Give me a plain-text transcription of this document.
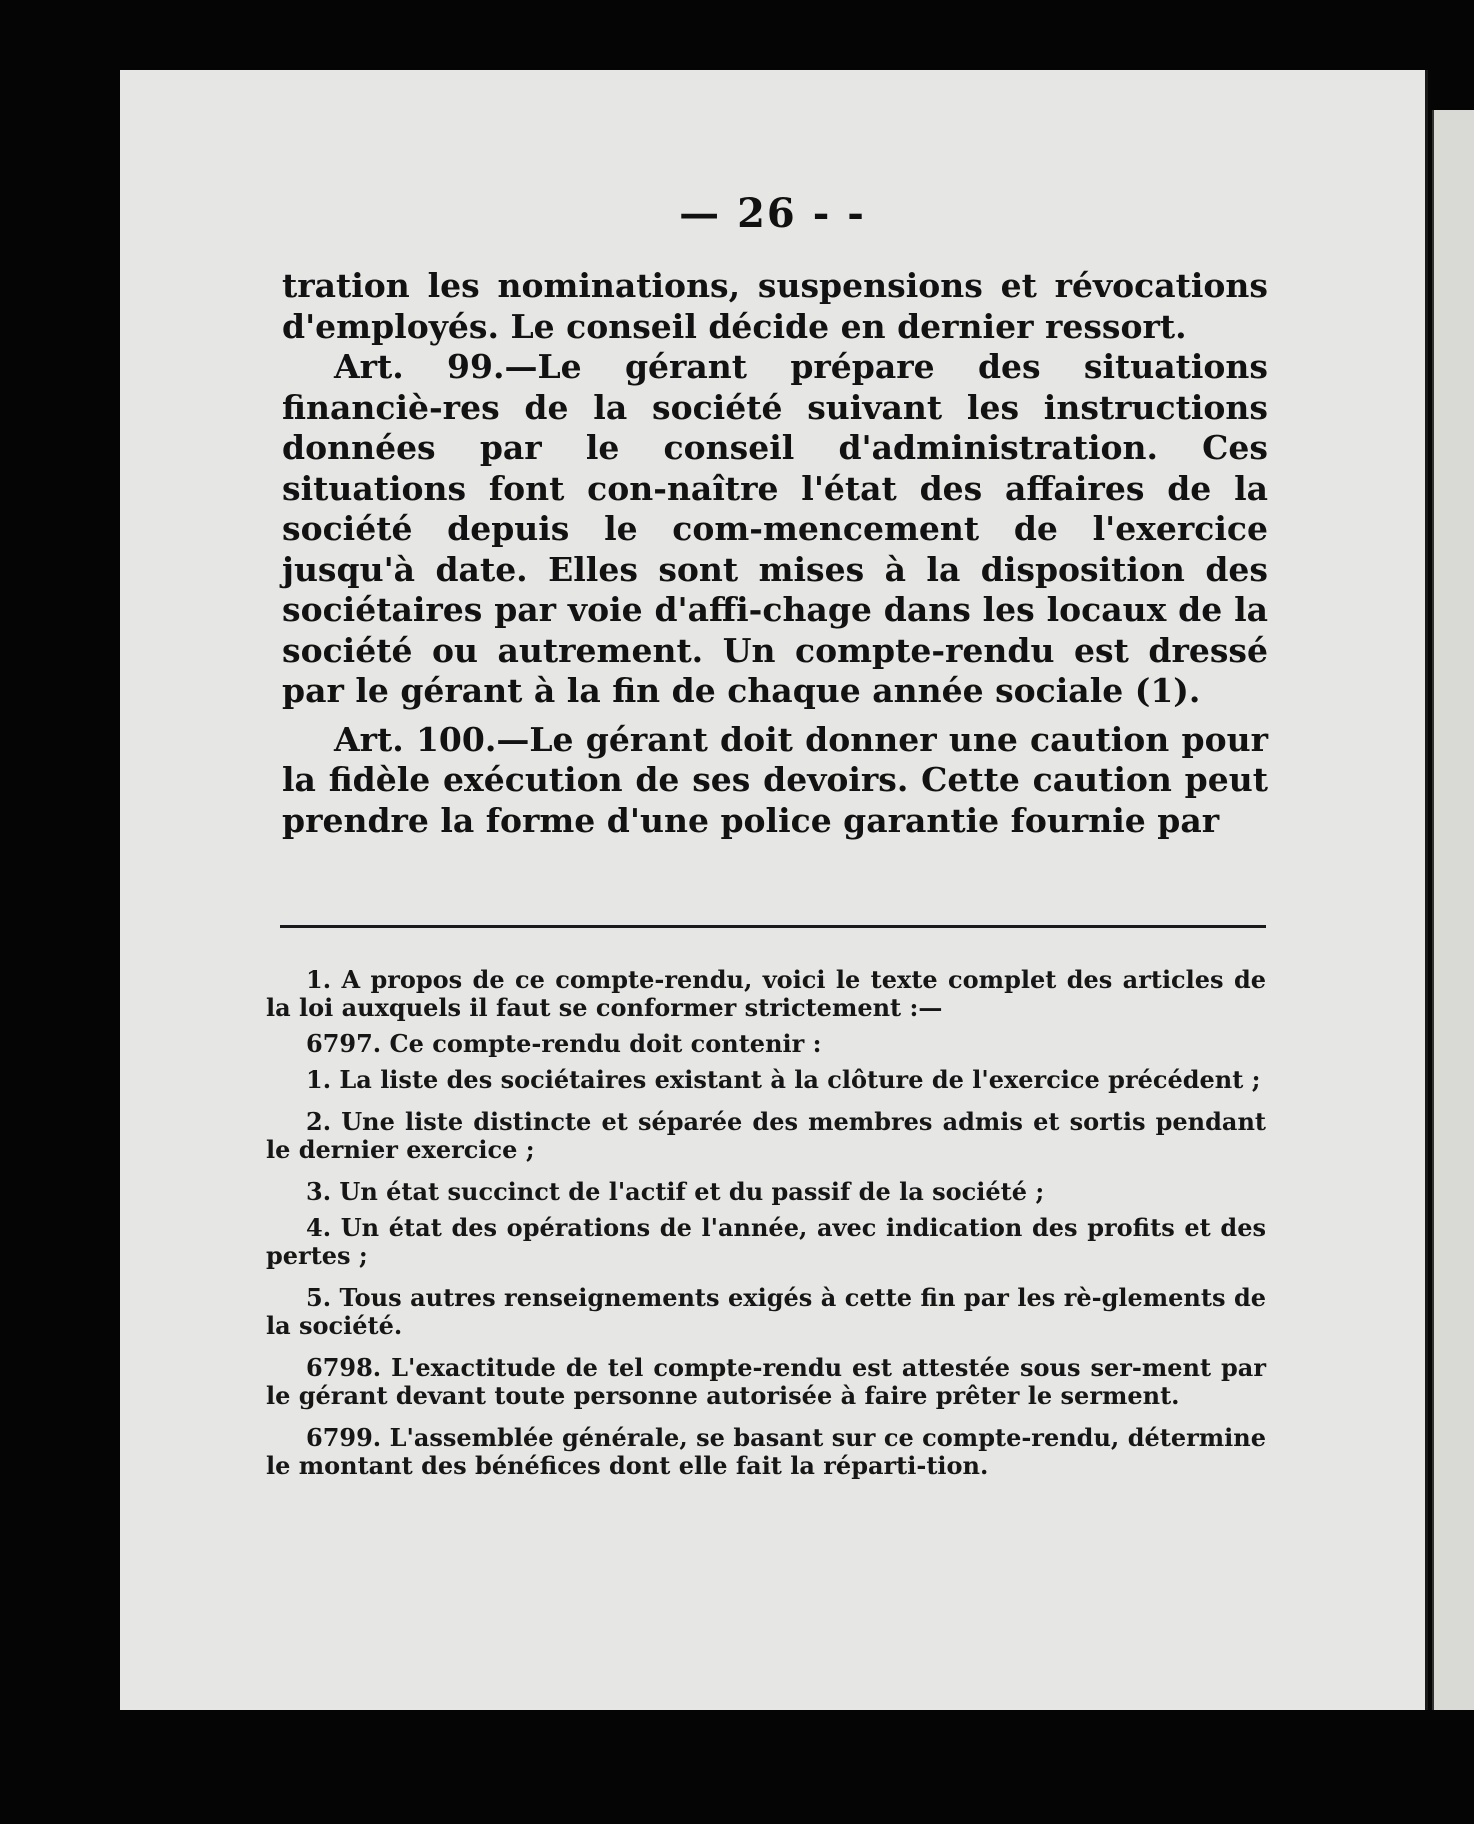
— 26 - -

tration les nominations, suspensions et révocations d'employés. Le conseil décide en dernier ressort.

Art. 99.—Le gérant prépare des situations financiè-res de la société suivant les instructions données par le conseil d'administration. Ces situations font con-naître l'état des affaires de la société depuis le com-mencement de l'exercice jusqu'à date. Elles sont mises à la disposition des sociétaires par voie d'affi-chage dans les locaux de la société ou autrement. Un compte-rendu est dressé par le gérant à la fin de chaque année sociale (1).

Art. 100.—Le gérant doit donner une caution pour la fidèle exécution de ses devoirs. Cette caution peut prendre la forme d'une police garantie fournie par

1. A propos de ce compte-rendu, voici le texte complet des articles de la loi auxquels il faut se conformer strictement :—

6797. Ce compte-rendu doit contenir :

1. La liste des sociétaires existant à la clôture de l'exercice précédent ;

2. Une liste distincte et séparée des membres admis et sortis pendant le dernier exercice ;

3. Un état succinct de l'actif et du passif de la société ;

4. Un état des opérations de l'année, avec indication des profits et des pertes ;

5. Tous autres renseignements exigés à cette fin par les rè-glements de la société.

6798. L'exactitude de tel compte-rendu est attestée sous ser-ment par le gérant devant toute personne autorisée à faire prêter le serment.

6799. L'assemblée générale, se basant sur ce compte-rendu, détermine le montant des bénéfices dont elle fait la réparti-tion.
